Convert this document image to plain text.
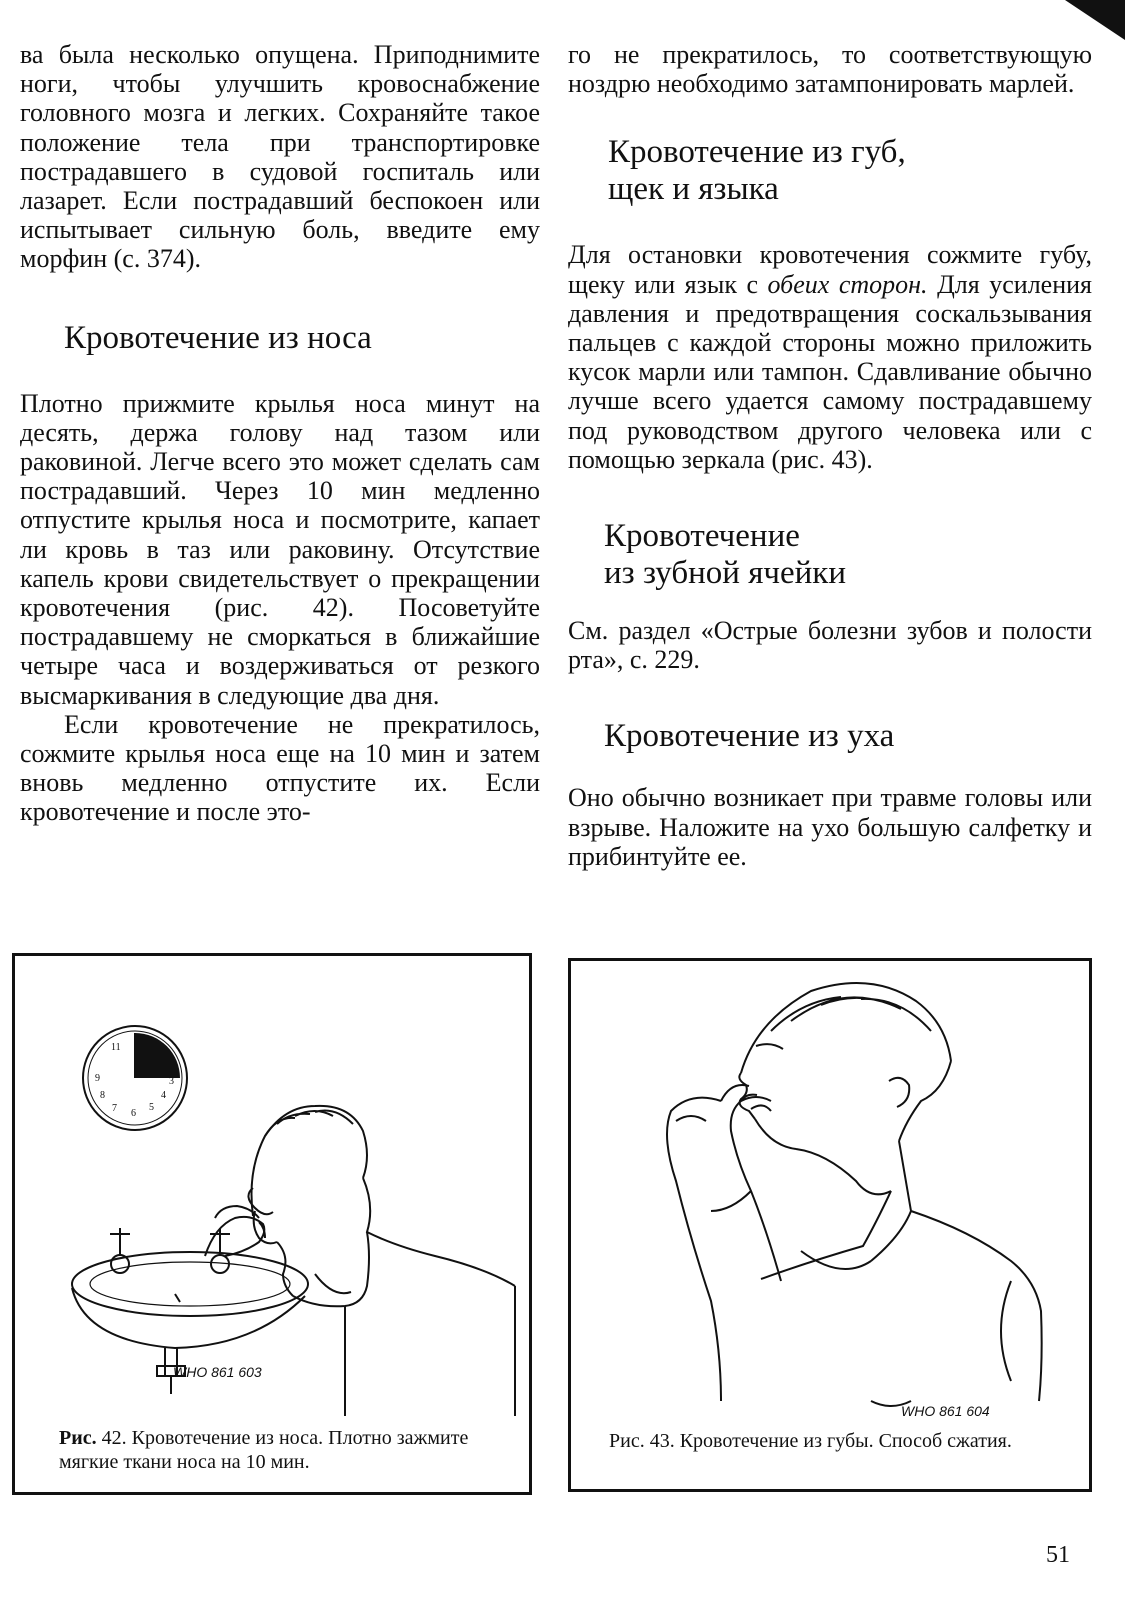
ва была несколько опущена. Приподнимите ноги, чтобы улучшить кровоснабжение головного мозга и легких. Сохраняйте такое положение тела при транспортировке пострадавшего в судовой госпиталь или лазарет. Если пострадавший беспокоен или испытывает сильную боль, введите ему морфин (с. 374).

Кровотечение из носа

Плотно прижмите крылья носа минут на десять, держа голову над тазом или раковиной. Легче всего это может сделать сам пострадавший. Через 10 мин медленно отпустите крылья носа и посмотрите, капает ли кровь в таз или раковину. Отсутствие капель крови свидетельствует о прекращении кровотечения (рис. 42). Посоветуйте пострадавшему не сморкаться в ближайшие четыре часа и воздерживаться от резкого высмаркивания в следующие два дня.

Если кровотечение не прекратилось, сожмите крылья носа еще на 10 мин и затем вновь медленно отпустите их. Если кровотечение и после это-

го не прекратилось, то соответствующую ноздрю необходимо затампонировать марлей.

Кровотечение из губ,
щек и языка

Для остановки кровотечения сожмите губу, щеку или язык с обеих сторон. Для усиления давления и предотвращения соскальзывания пальцев с каждой стороны можно приложить кусок марли или тампон. Сдавливание обычно лучше всего удается самому пострадавшему под руководством другого человека или с помощью зеркала (рис. 43).

Кровотечение
из зубной ячейки

См. раздел «Острые болезни зубов и полости рта», с. 229.

Кровотечение из уха

Оно обычно возникает при травме головы или взрыве. Наложите на ухо большую салфетку и прибинтуйте ее.

11
9	3
8
7 6
5
4
WHO 861 603
Рис. 42. Кровотечение из носа. Плотно зажмите мягкие ткани носа на 10 мин.
WHO 861 604
Рис. 43. Кровотечение из губы. Способ сжатия.
51
